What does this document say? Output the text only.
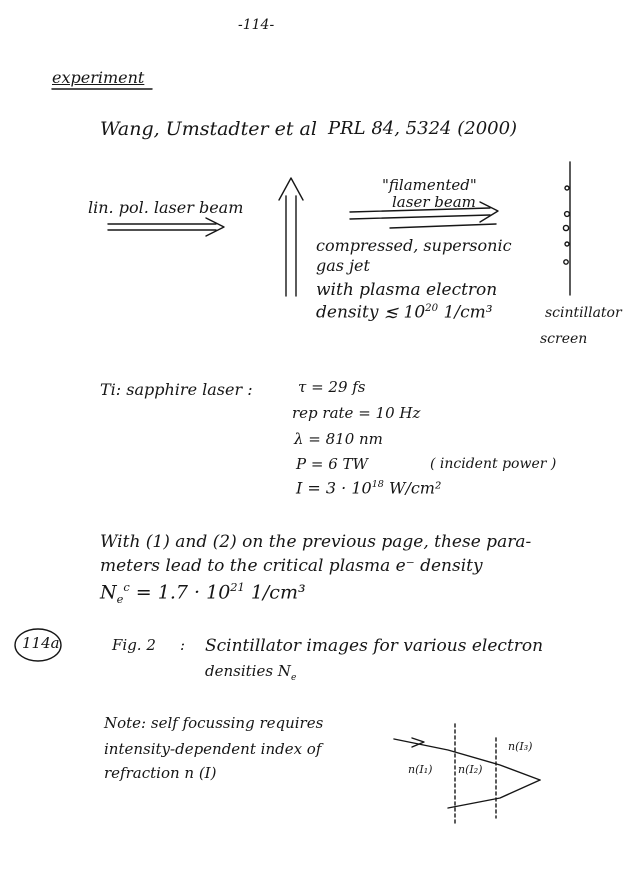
-114-
experiment
Wang, Umstadter et al PRL 84, 5324 (2000)
lin. pol. laser beam
"filamented"
laser beam
compressed, supersonic
gas jet
with plasma electron
density ≲ $10^{20}$ 1/cm³	scintillator
screen
Ti: sapphire laser :	τ = 29 fs
rep rate = 10 Hz
λ = 810 nm
P = 6 TW	( incident power )
$I = 3 \cdot 10^{18}$ W/cm²
With (1) and (2) on the previous page, these para-
meters lead to the critical plasma e⁻ density
$N_e^c = 1.7 \cdot 10^{21}$ 1/cm³
114a	Fig. 2 : Scintillator images for various electron
densities $N_e$
Note: self focussing requires
intensity-dependent index of
refraction n (I)	n(I₁) n(I₂)
n(I₃)
